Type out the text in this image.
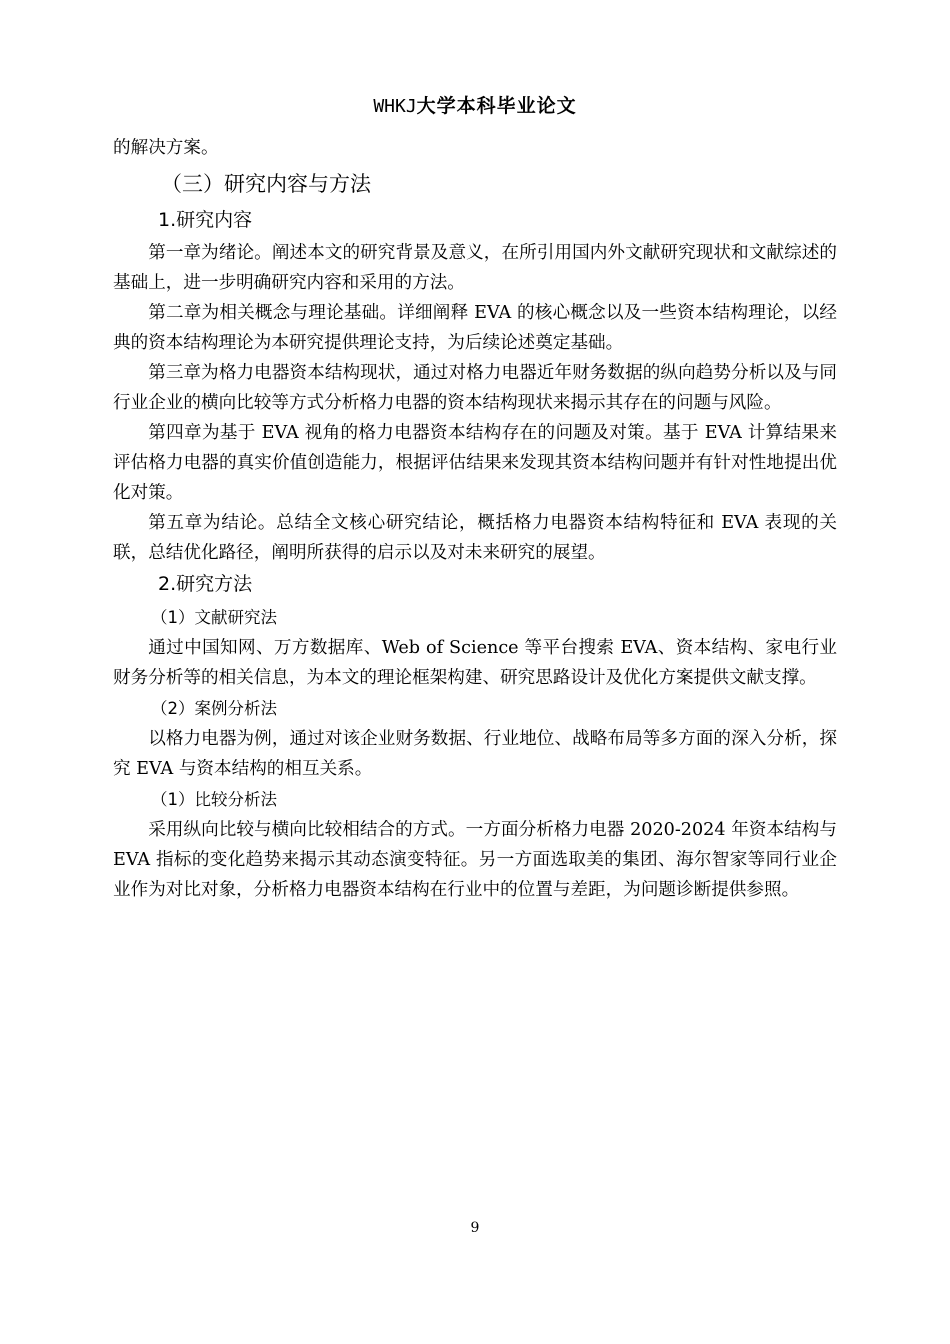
WHKJ大学本科毕业论文

的解决方案。

（三）研究内容与方法
1.研究内容

第一章为绪论。阐述本文的研究背景及意义，在所引用国内外文献研究现状和文献综述的基础上，进一步明确研究内容和采用的方法。

第二章为相关概念与理论基础。详细阐释 EVA 的核心概念以及一些资本结构理论，以经典的资本结构理论为本研究提供理论支持，为后续论述奠定基础。

第三章为格力电器资本结构现状，通过对格力电器近年财务数据的纵向趋势分析以及与同行业企业的横向比较等方式分析格力电器的资本结构现状来揭示其存在的问题与风险。

第四章为基于 EVA 视角的格力电器资本结构存在的问题及对策。基于 EVA 计算结果来评估格力电器的真实价值创造能力，根据评估结果来发现其资本结构问题并有针对性地提出优化对策。

第五章为结论。总结全文核心研究结论，概括格力电器资本结构特征和 EVA 表现的关联，总结优化路径，阐明所获得的启示以及对未来研究的展望。

2.研究方法
（1）文献研究法

通过中国知网、万方数据库、Web of Science 等平台搜索 EVA、资本结构、家电行业财务分析等的相关信息，为本文的理论框架构建、研究思路设计及优化方案提供文献支撑。

（2）案例分析法

以格力电器为例，通过对该企业财务数据、行业地位、战略布局等多方面的深入分析，探究 EVA 与资本结构的相互关系。

（1）比较分析法

采用纵向比较与横向比较相结合的方式。一方面分析格力电器 2020-2024 年资本结构与 EVA 指标的变化趋势来揭示其动态演变特征。另一方面选取美的集团、海尔智家等同行业企业作为对比对象，分析格力电器资本结构在行业中的位置与差距，为问题诊断提供参照。

9
